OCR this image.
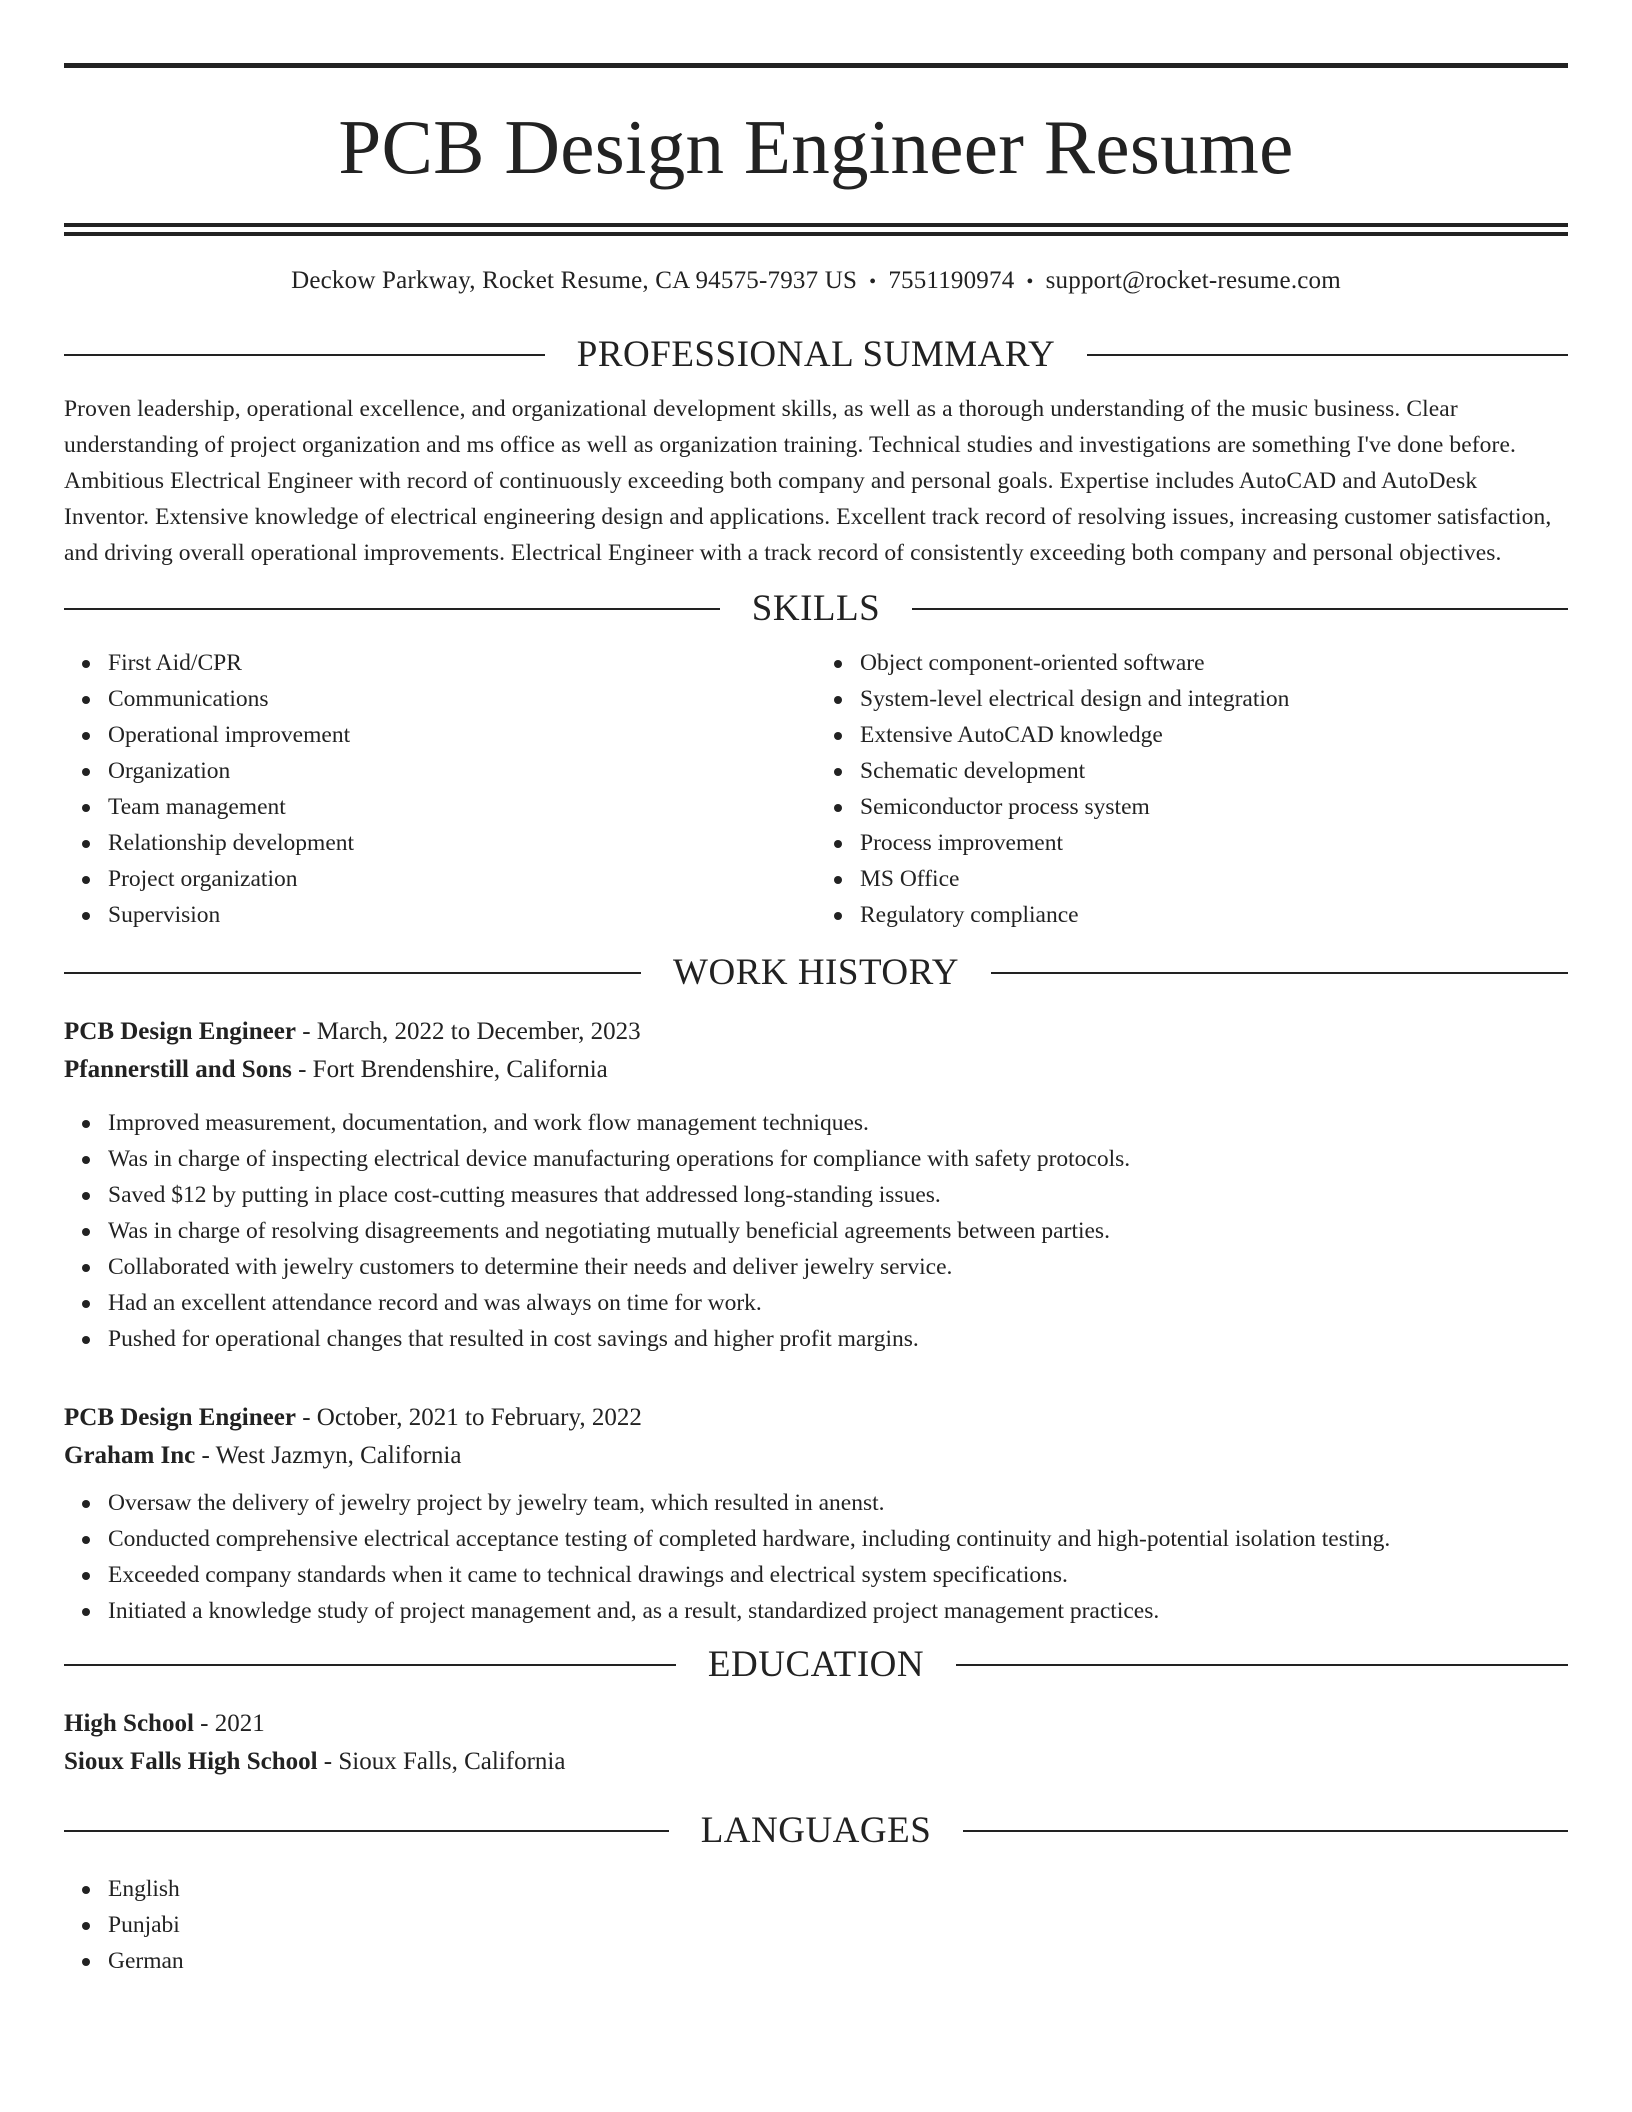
PCB Design Engineer Resume
Deckow Parkway, Rocket Resume, CA 94575-7937 US • 7551190974 • support@rocket-resume.com
PROFESSIONAL SUMMARY

Proven leadership, operational excellence, and organizational development skills, as well as a thorough understanding of the music business. Clear understanding of project organization and ms office as well as organization training. Technical studies and investigations are something I've done before. Ambitious Electrical Engineer with record of continuously exceeding both company and personal goals. Expertise includes AutoCAD and AutoDesk Inventor. Extensive knowledge of electrical engineering design and applications. Excellent track record of resolving issues, increasing customer satisfaction, and driving overall operational improvements. Electrical Engineer with a track record of consistently exceeding both company and personal objectives.

SKILLS
First Aid/CPR
Communications
Operational improvement
Organization
Team management
Relationship development
Project organization
Supervision
Object component-oriented software
System-level electrical design and integration
Extensive AutoCAD knowledge
Schematic development
Semiconductor process system
Process improvement
MS Office
Regulatory compliance
WORK HISTORY
PCB Design Engineer - March, 2022 to December, 2023
Pfannerstill and Sons - Fort Brendenshire, California
Improved measurement, documentation, and work flow management techniques.
Was in charge of inspecting electrical device manufacturing operations for compliance with safety protocols.
Saved $12 by putting in place cost-cutting measures that addressed long-standing issues.
Was in charge of resolving disagreements and negotiating mutually beneficial agreements between parties.
Collaborated with jewelry customers to determine their needs and deliver jewelry service.
Had an excellent attendance record and was always on time for work.
Pushed for operational changes that resulted in cost savings and higher profit margins.
PCB Design Engineer - October, 2021 to February, 2022
Graham Inc - West Jazmyn, California
Oversaw the delivery of jewelry project by jewelry team, which resulted in anenst.
Conducted comprehensive electrical acceptance testing of completed hardware, including continuity and high-potential isolation testing.
Exceeded company standards when it came to technical drawings and electrical system specifications.
Initiated a knowledge study of project management and, as a result, standardized project management practices.
EDUCATION
High School - 2021
Sioux Falls High School - Sioux Falls, California
LANGUAGES
English
Punjabi
German
